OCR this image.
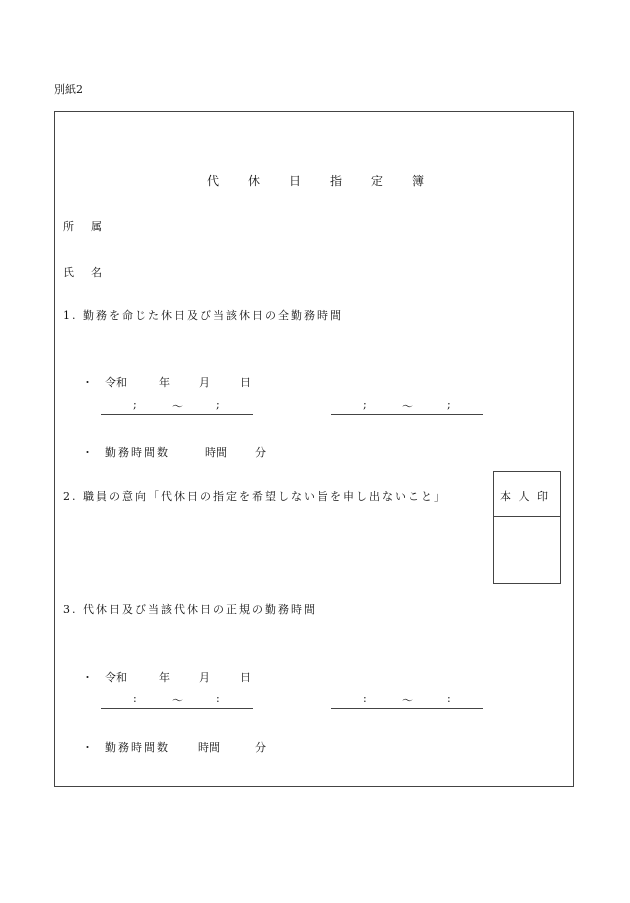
別紙2
代 休 日 指 定 簿
所 属
氏 名
1. 勤務を命じた休日及び当該休日の全勤務時間
・ 令和	年	月	日
;	〜	;	;	〜	;
・ 勤務時間数	時間	分
2. 職員の意向「代休日の指定を希望しない旨を申し出ないこと」	本 人 印
3. 代休日及び当該代休日の正規の勤務時間
・ 令和	年	月	日
:	〜	:	:	〜	:
・ 勤務時間数	時間	分
